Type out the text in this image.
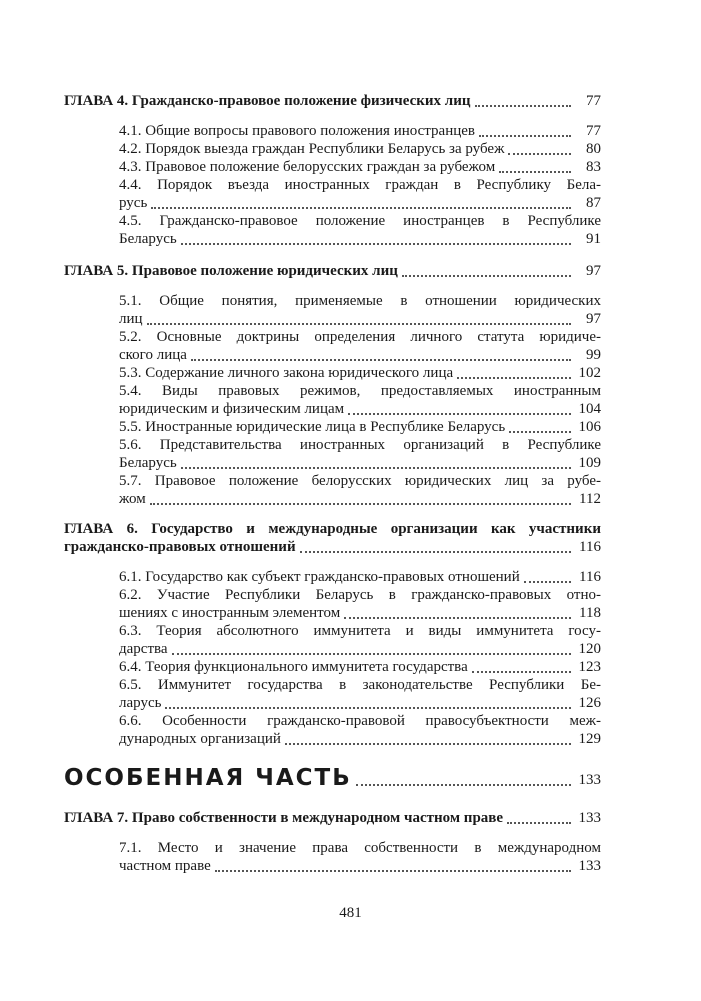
ГЛАВА 4. Гражданско-правовое положение физических лиц	77
4.1. Общие вопросы правового положения иностранцев	77
4.2. Порядок выезда граждан Республики Беларусь за рубеж	80
4.3. Правовое положение белорусских граждан за рубежом	83
4.4. Порядок въезда иностранных граждан в Республику Бела-
русь	87
4.5. Гражданско-правовое положение иностранцев в Республике
Беларусь	91
ГЛАВА 5. Правовое положение юридических лиц	97
5.1. Общие понятия, применяемые в отношении юридических
лиц	97
5.2. Основные доктрины определения личного статута юридиче-
ского лица	99
5.3. Содержание личного закона юридического лица	102
5.4. Виды правовых режимов, предоставляемых иностранным
юридическим и физическим лицам	104
5.5. Иностранные юридические лица в Республике Беларусь	106
5.6. Представительства иностранных организаций в Республике
Беларусь	109
5.7. Правовое положение белорусских юридических лиц за рубе-
жом	112
ГЛАВА 6. Государство и международные организации как участники
гражданско-правовых отношений	116
6.1. Государство как субъект гражданско-правовых отношений	116
6.2. Участие Республики Беларусь в гражданско-правовых отно-
шениях с иностранным элементом	118
6.3. Теория абсолютного иммунитета и виды иммунитета госу-
дарства	120
6.4. Теория функционального иммунитета государства	123
6.5. Иммунитет государства в законодательстве Республики Бе-
ларусь	126
6.6. Особенности гражданско-правовой правосубъектности меж-
дународных организаций	129
ОСОБЕННАЯ ЧАСТЬ	133
ГЛАВА 7. Право собственности в международном частном праве	133
7.1. Место и значение права собственности в международном
частном праве	133
481
